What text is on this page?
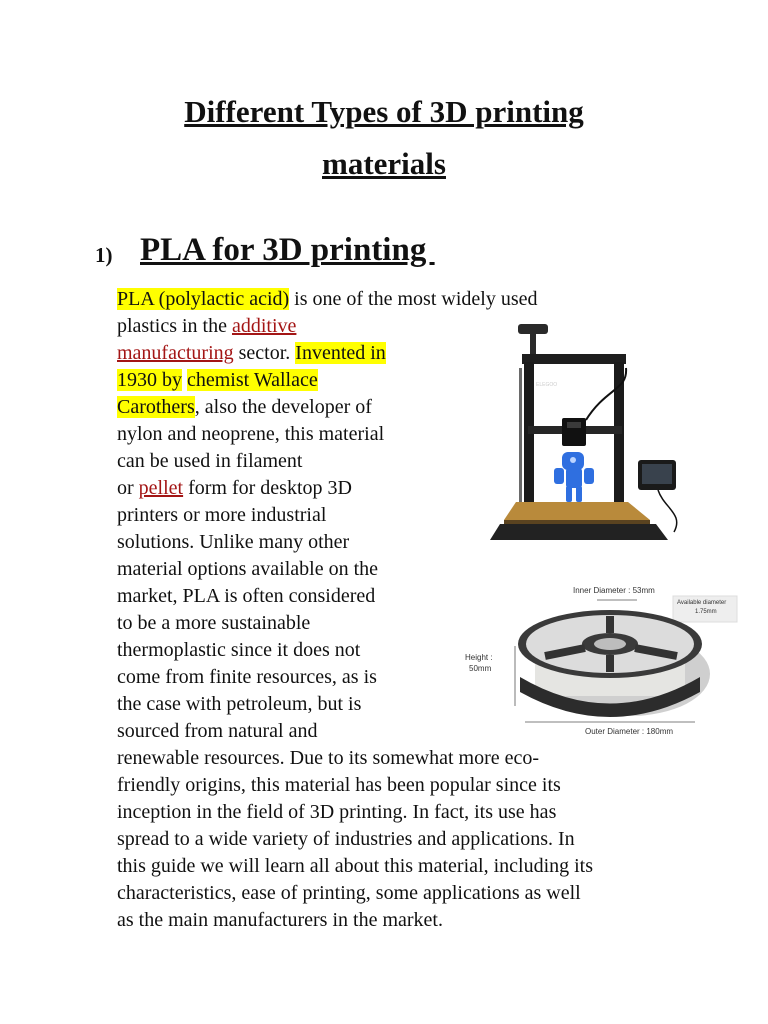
Different Types of 3D printing
materials
1) PLA for 3D printing
PLA (polylactic acid) is one of the most widely used
plastics in the additive
manufacturing sector. Invented in
1930 by chemist Wallace
Carothers, also the developer of
nylon and neoprene, this material
can be used in filament
or pellet form for desktop 3D
printers or more industrial
solutions. Unlike many other
material options available on the
market, PLA is often considered
to be a more sustainable
thermoplastic since it does not
come from finite resources, as is
the case with petroleum, but is
sourced from natural and
renewable resources. Due to its somewhat more eco-
friendly origins, this material has been popular since its
inception in the field of 3D printing. In fact, its use has
spread to a wide variety of industries and applications. In
this guide we will learn all about this material, including its
characteristics, ease of printing, some applications as well
as the main manufacturers in the market.
ELEGOO
Inner Diameter : 53mm
Available diameter
1.75mm
Height :
50mm
Outer Diameter : 180mm
